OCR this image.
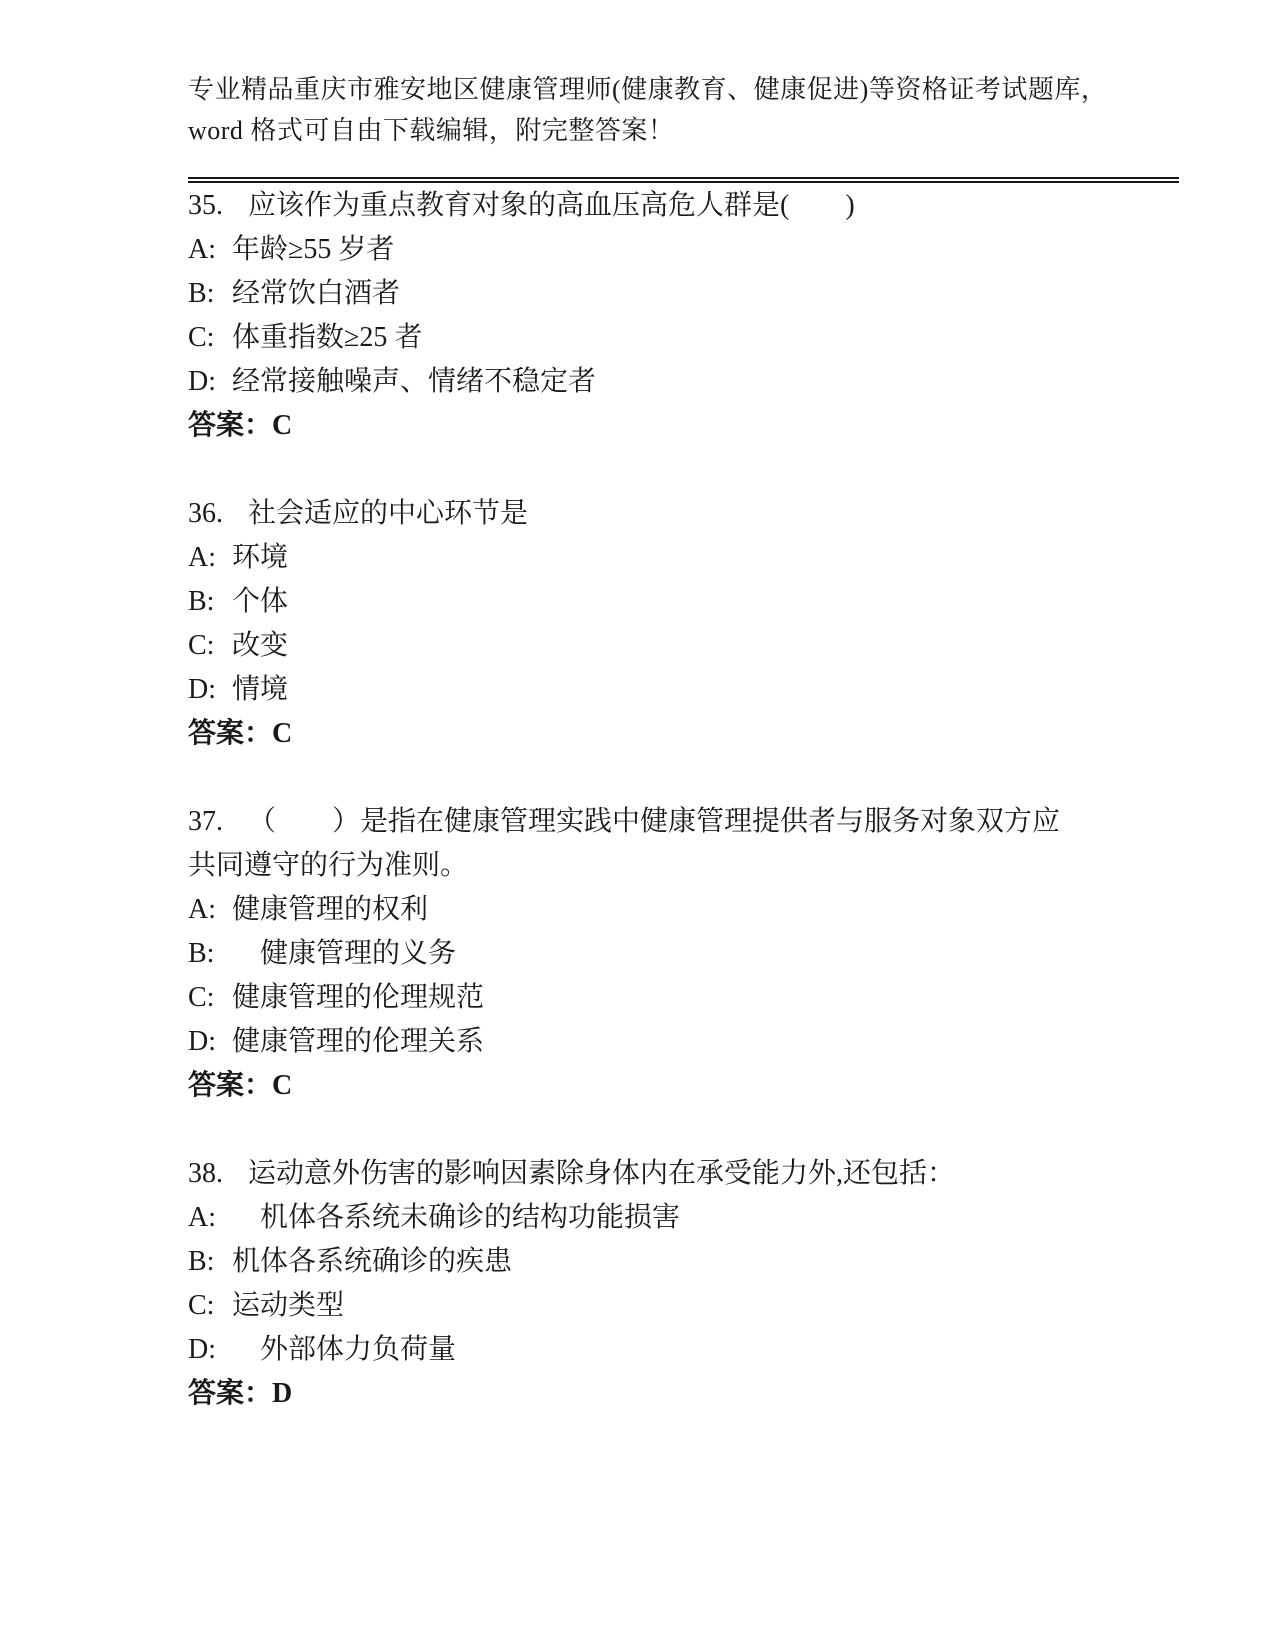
专业精品重庆市雅安地区健康管理师(健康教育、健康促进)等资格证考试题库，

word 格式可自由下载编辑，附完整答案！

35. 应该作为重点教育对象的高血压高危人群是(　　)

A: 年龄≥55 岁者

B: 经常饮白酒者

C: 体重指数≥25 者

D: 经常接触噪声、情绪不稳定者

答案：C

36. 社会适应的中心环节是

A: 环境

B: 个体

C: 改变

D: 情境

答案：C

37. （　　）是指在健康管理实践中健康管理提供者与服务对象双方应

共同遵守的行为准则。

A: 健康管理的权利

B:　健康管理的义务

C: 健康管理的伦理规范

D: 健康管理的伦理关系

答案：C

38. 运动意外伤害的影响因素除身体内在承受能力外,还包括：

A:　机体各系统未确诊的结构功能损害

B: 机体各系统确诊的疾患

C: 运动类型

D:　外部体力负荷量

答案：D
